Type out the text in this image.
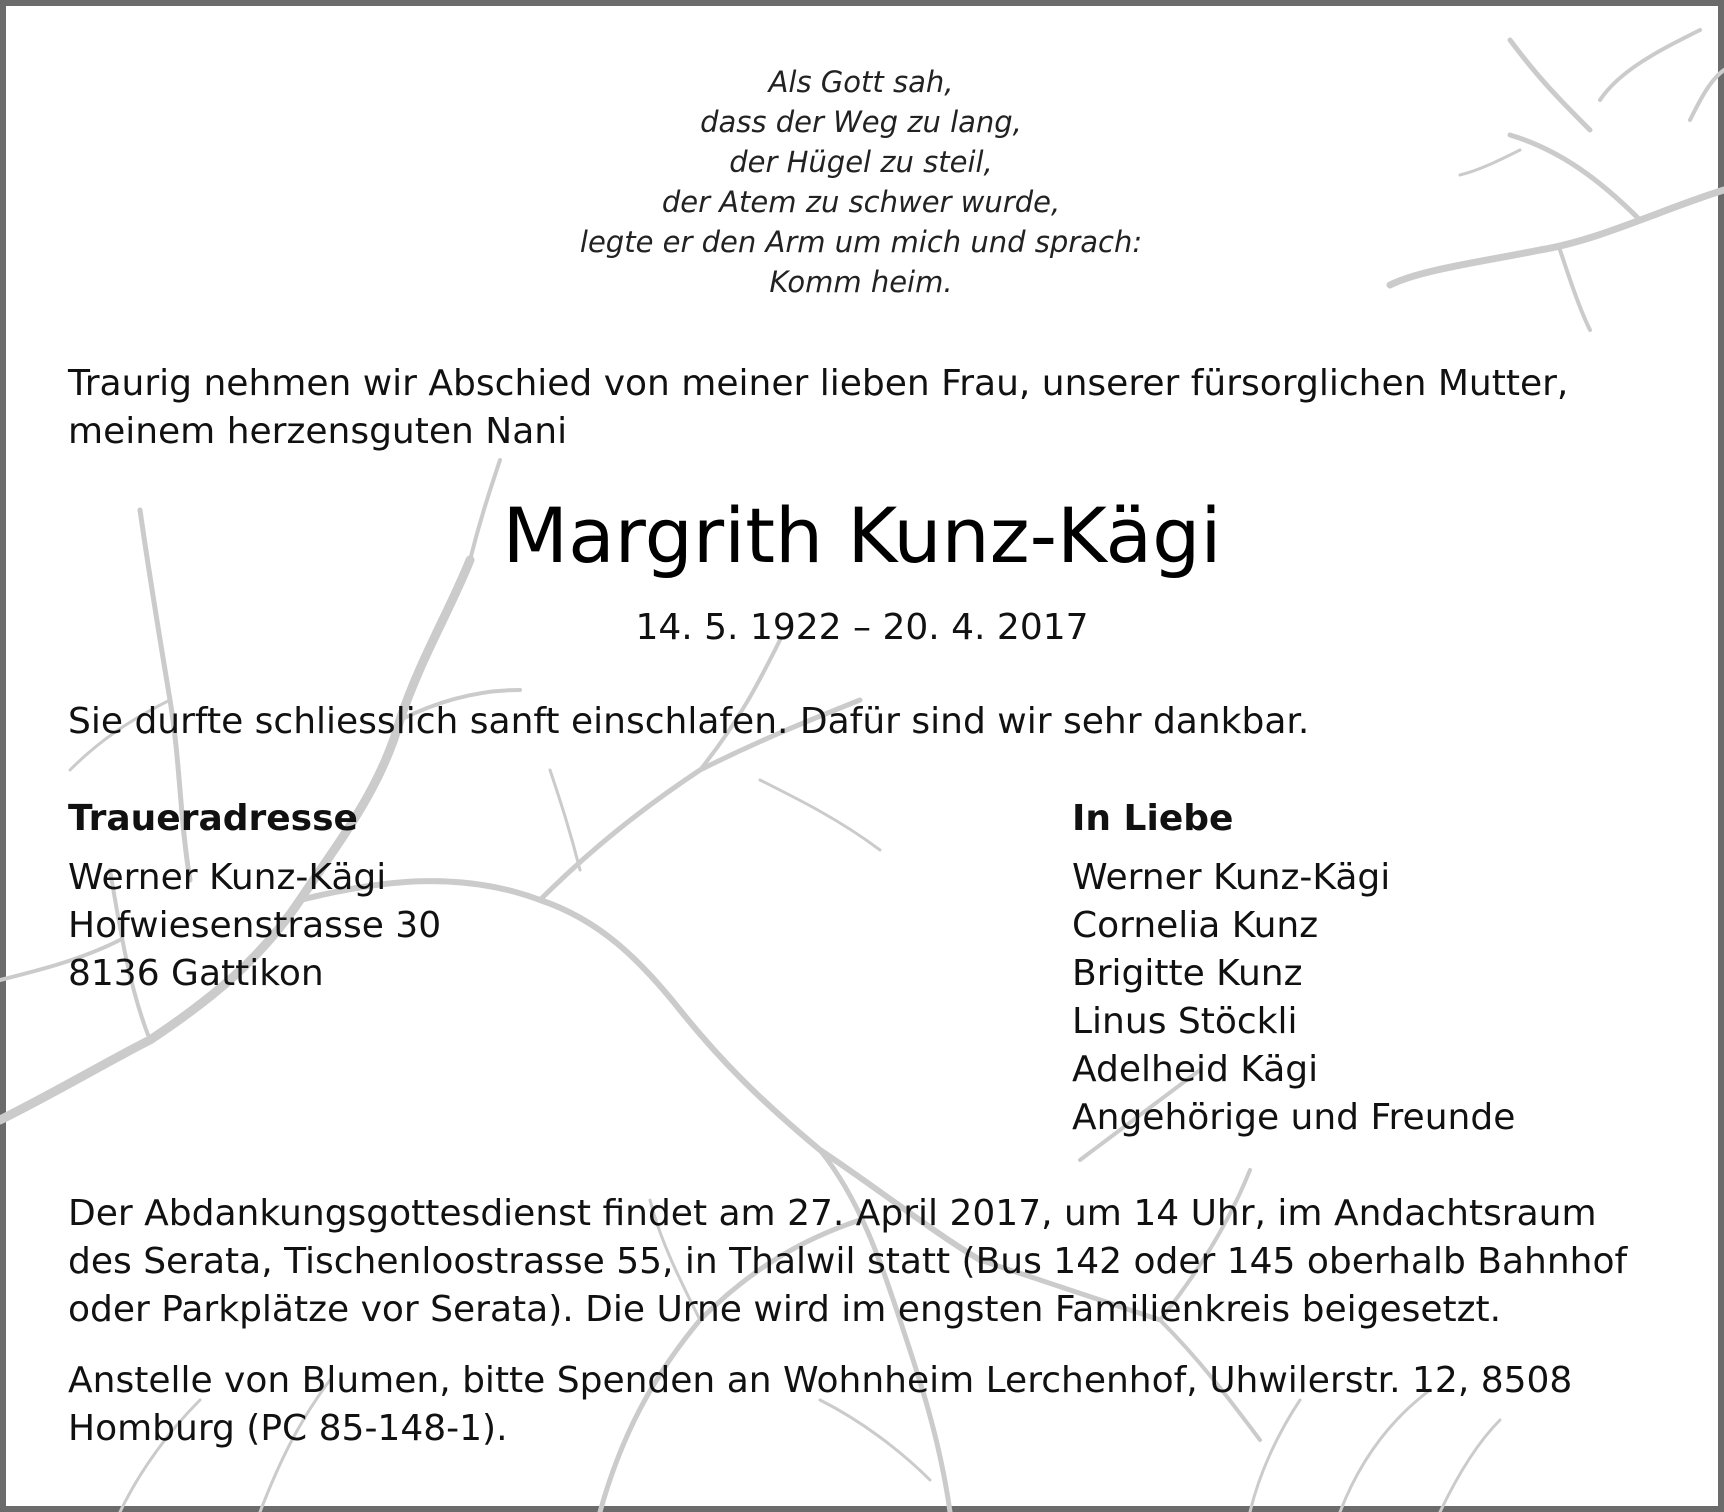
Als Gott sah,
dass der Weg zu lang,
der Hügel zu steil,
der Atem zu schwer wurde,
legte er den Arm um mich und sprach:
Komm heim.
Traurig nehmen wir Abschied von meiner lieben Frau, unserer fürsorglichen Mutter,
meinem herzensguten Nani
Margrith Kunz-Kägi
14. 5. 1922 – 20. 4. 2017
Sie durfte schliesslich sanft einschlafen. Dafür sind wir sehr dankbar.
Traueradresse
Werner Kunz-Kägi
Hofwiesenstrasse 30
8136 Gattikon
In Liebe
Werner Kunz-Kägi
Cornelia Kunz
Brigitte Kunz
Linus Stöckli
Adelheid Kägi
Angehörige und Freunde
Der Abdankungsgottesdienst findet am 27. April 2017, um 14 Uhr, im Andachtsraum
des Serata, Tischenloostrasse 55, in Thalwil statt (Bus 142 oder 145 oberhalb Bahnhof
oder Parkplätze vor Serata). Die Urne wird im engsten Familienkreis beigesetzt.
Anstelle von Blumen, bitte Spenden an Wohnheim Lerchenhof, Uhwilerstr. 12, 8508
Homburg (PC 85-148-1).
